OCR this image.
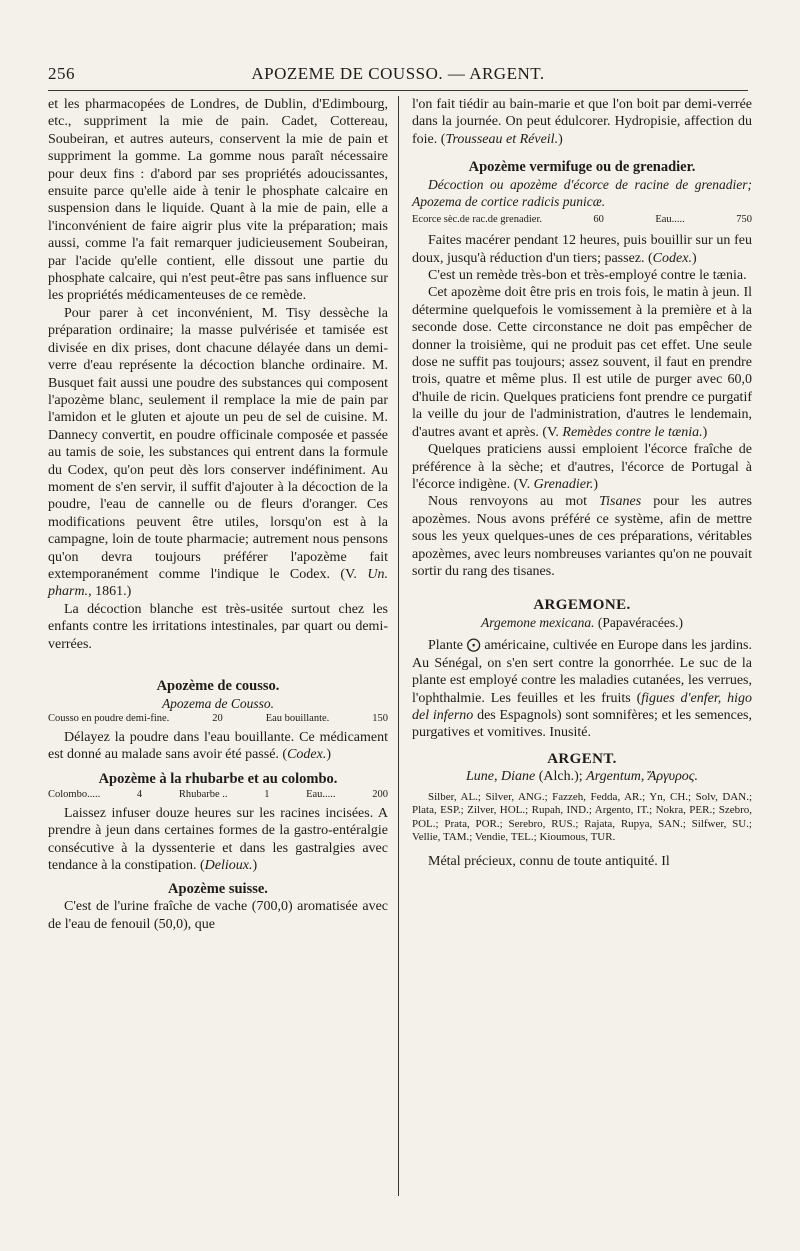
256	APOZEME DE COUSSO. — ARGENT.

et les pharmacopées de Londres, de Dublin, d'Edimbourg, etc., suppriment la mie de pain. Cadet, Cottereau, Soubeiran, et autres auteurs, conservent la mie de pain et suppriment la gomme. La gomme nous paraît nécessaire pour deux fins : d'abord par ses propriétés adoucissantes, ensuite parce qu'elle aide à tenir le phosphate calcaire en suspension dans le liquide. Quant à la mie de pain, elle a l'inconvénient de faire aigrir plus vite la préparation; mais aussi, comme l'a fait remarquer judicieusement Soubeiran, par l'acide qu'elle contient, elle dissout une partie du phosphate calcaire, qui n'est peut-être pas sans influence sur les propriétés médicamenteuses de ce remède.

Pour parer à cet inconvénient, M. Tisy dessèche la préparation ordinaire; la masse pulvérisée et tamisée est divisée en dix prises, dont chacune délayée dans un demi-verre d'eau représente la décoction blanche ordinaire. M. Busquet fait aussi une poudre des substances qui composent l'apozème blanc, seulement il remplace la mie de pain par l'amidon et le gluten et ajoute un peu de sel de cuisine. M. Dannecy convertit, en poudre officinale composée et passée au tamis de soie, les substances qui entrent dans la formule du Codex, qu'on peut dès lors conserver indéfiniment. Au moment de s'en servir, il suffit d'ajouter à la décoction de la poudre, l'eau de cannelle ou de fleurs d'oranger. Ces modifications peuvent être utiles, lorsqu'on est à la campagne, loin de toute pharmacie; autrement nous pensons qu'on devra toujours préférer l'apozème fait extemporanément comme l'indique le Codex. (V. Un. pharm., 1861.)

La décoction blanche est très-usitée surtout chez les enfants contre les irritations intestinales, par quart ou demi-verrées.

Apozème de cousso.
Apozema de Cousso.
Cousso en poudre demi-fine.	20	Eau bouillante.	150

Délayez la poudre dans l'eau bouillante. Ce médicament est donné au malade sans avoir été passé. (Codex.)

Apozème à la rhubarbe et au colombo.
Colombo.....	4	Rhubarbe ..	1	Eau.....	200

Laissez infuser douze heures sur les racines incisées. A prendre à jeun dans certaines formes de la gastro-entéralgie consécutive à la dyssenterie et dans les gastralgies avec tendance à la constipation. (Delioux.)

Apozème suisse.

C'est de l'urine fraîche de vache (700,0) aromatisée avec de l'eau de fenouil (50,0), que

l'on fait tiédir au bain-marie et que l'on boit par demi-verrée dans la journée. On peut édulcorer. Hydropisie, affection du foie. (Trousseau et Réveil.)

Apozème vermifuge ou de grenadier.

Décoction ou apozème d'écorce de racine de grenadier; Apozema de cortice radicis punicæ.

Ecorce sèc.de rac.de grenadier.	60	Eau.....	750

Faites macérer pendant 12 heures, puis bouillir sur un feu doux, jusqu'à réduction d'un tiers; passez. (Codex.)

C'est un remède très-bon et très-employé contre le tænia.

Cet apozème doit être pris en trois fois, le matin à jeun. Il détermine quelquefois le vomissement à la première et à la seconde dose. Cette circonstance ne doit pas empêcher de donner la troisième, qui ne produit pas cet effet. Une seule dose ne suffit pas toujours; assez souvent, il faut en prendre trois, quatre et même plus. Il est utile de purger avec 60,0 d'huile de ricin. Quelques praticiens font prendre ce purgatif la veille du jour de l'administration, d'autres le lendemain, d'autres avant et après. (V. Remèdes contre le tænia.)

Quelques praticiens aussi emploient l'écorce fraîche de préférence à la sèche; et d'autres, l'écorce de Portugal à l'écorce indigène. (V. Grenadier.)

Nous renvoyons au mot Tisanes pour les autres apozèmes. Nous avons préféré ce système, afin de mettre sous les yeux quelques-unes de ces préparations, véritables apozèmes, avec leurs nombreuses variantes qu'on ne pouvait sortir du rang des tisanes.

ARGEMONE.
Argemone mexicana. (Papavéracées.)

Plante ⨀ américaine, cultivée en Europe dans les jardins. Au Sénégal, on s'en sert contre la gonorrhée. Le suc de la plante est employé contre les maladies cutanées, les verrues, l'ophthalmie. Les feuilles et les fruits (figues d'enfer, higo del inferno des Espagnols) sont somnifères; et les semences, purgatives et vomitives. Inusité.

ARGENT.
Lune, Diane (Alch.); Argentum, Ἄργυρος.

Silber, AL.; Silver, ANG.; Fazzeh, Fedda, AR.; Yn, CH.; Solv, DAN.; Plata, ESP.; Zilver, HOL.; Rupah, IND.; Argento, IT.; Nokra, PER.; Szebro, POL.; Prata, POR.; Serebro, RUS.; Rajata, Rupya, SAN.; Silfwer, SU.; Vellie, TAM.; Vendie, TEL.; Kioumous, TUR.

Métal précieux, connu de toute antiquité. Il
